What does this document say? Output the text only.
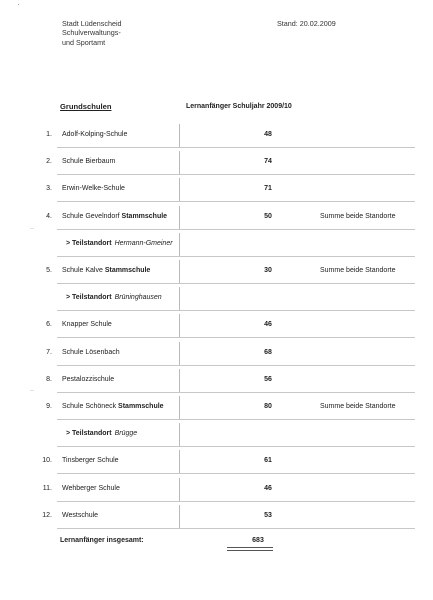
Stadt Lüdenscheid
Schulverwaltungs-
und Sportamt
Stand: 20.02.2009
Grundschulen	Lernanfänger Schuljahr 2009/10
1. Adolf-Kolping-Schule	48
2. Schule Bierbaum	74
3. Erwin-Welke-Schule	71
4. Schule Gevelndorf Stammschule	50	Summe beide Standorte
> Teilstandort Hermann-Gmeiner
5. Schule Kalve Stammschule	30	Summe beide Standorte
> Teilstandort Brüninghausen
6. Knapper Schule	46
7. Schule Lösenbach	68
8. Pestalozzischule	56
9. Schule Schöneck Stammschule	80	Summe beide Standorte
> Teilstandort Brügge
10. Tinsberger Schule	61
11. Wehberger Schule	46
12. Westschule	53
Lernanfänger insgesamt:	683
⌣
⌣
